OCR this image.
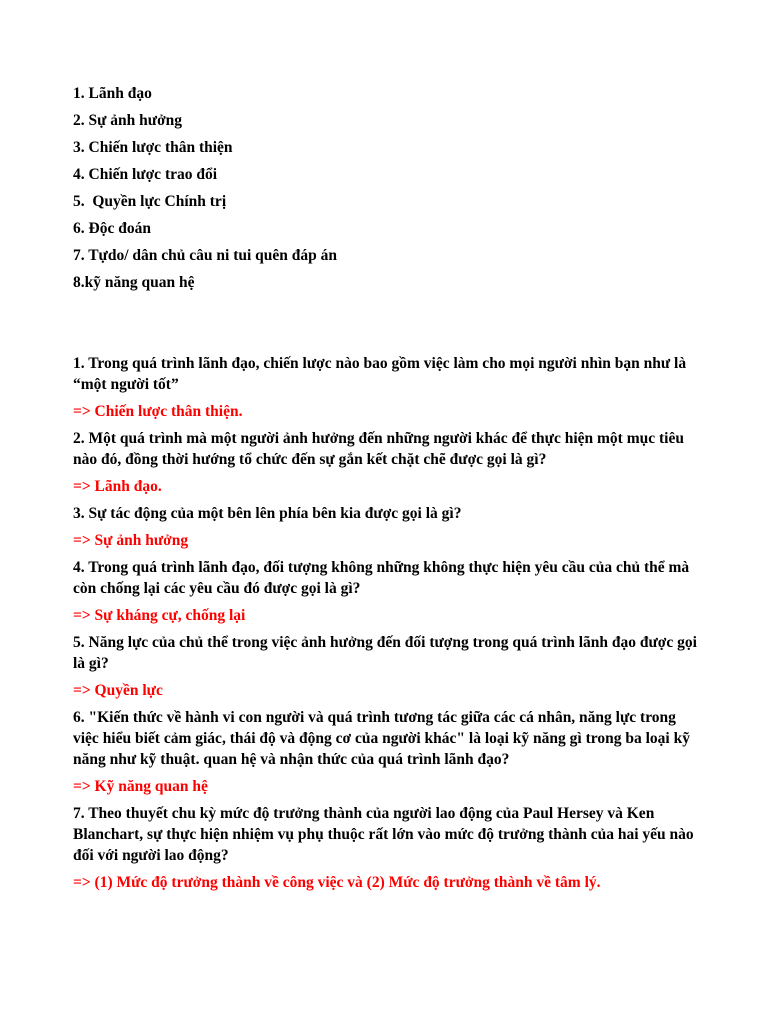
1. Lãnh đạo
2. Sự ảnh hưởng
3. Chiến lược thân thiện
4. Chiến lược trao đổi
5.  Quyền lực Chính trị
6. Độc đoán
7. Tựdo/ dân chủ câu ni tui quên đáp án
8.kỹ năng quan hệ

1. Trong quá trình lãnh đạo, chiến lược nào bao gồm việc làm cho mọi người nhìn bạn như là “một người tốt”

=> Chiến lược thân thiện.

2. Một quá trình mà một người ảnh hưởng đến những người khác để thực hiện một mục tiêu nào đó, đồng thời hướng tổ chức đến sự gắn kết chặt chẽ được gọi là gì?

=> Lãnh đạo.

3. Sự tác động của một bên lên phía bên kia được gọi là gì?

=> Sự ảnh hưởng

4. Trong quá trình lãnh đạo, đối tượng không những không thực hiện yêu cầu của chủ thể mà còn chống lại các yêu cầu đó được gọi là gì?

=> Sự kháng cự, chống lại

5. Năng lực của chủ thể trong việc ảnh hưởng đến đối tượng trong quá trình lãnh đạo được gọi là gì?

=> Quyền lực

6. "Kiến thức về hành vi con người và quá trình tương tác giữa các cá nhân, năng lực trong việc hiểu biết cảm giác, thái độ và động cơ của người khác" là loại kỹ năng gì trong ba loại kỹ năng như kỹ thuật. quan hệ và nhận thức của quá trình lãnh đạo?

=> Kỹ năng quan hệ

7. Theo thuyết chu kỳ mức độ trưởng thành của người lao động của Paul Hersey và Ken Blanchart, sự thực hiện nhiệm vụ phụ thuộc rất lớn vào mức độ trưởng thành của hai yếu nào đối với người lao động?

=> (1) Mức độ trưởng thành về công việc và (2) Mức độ trưởng thành về tâm lý.
